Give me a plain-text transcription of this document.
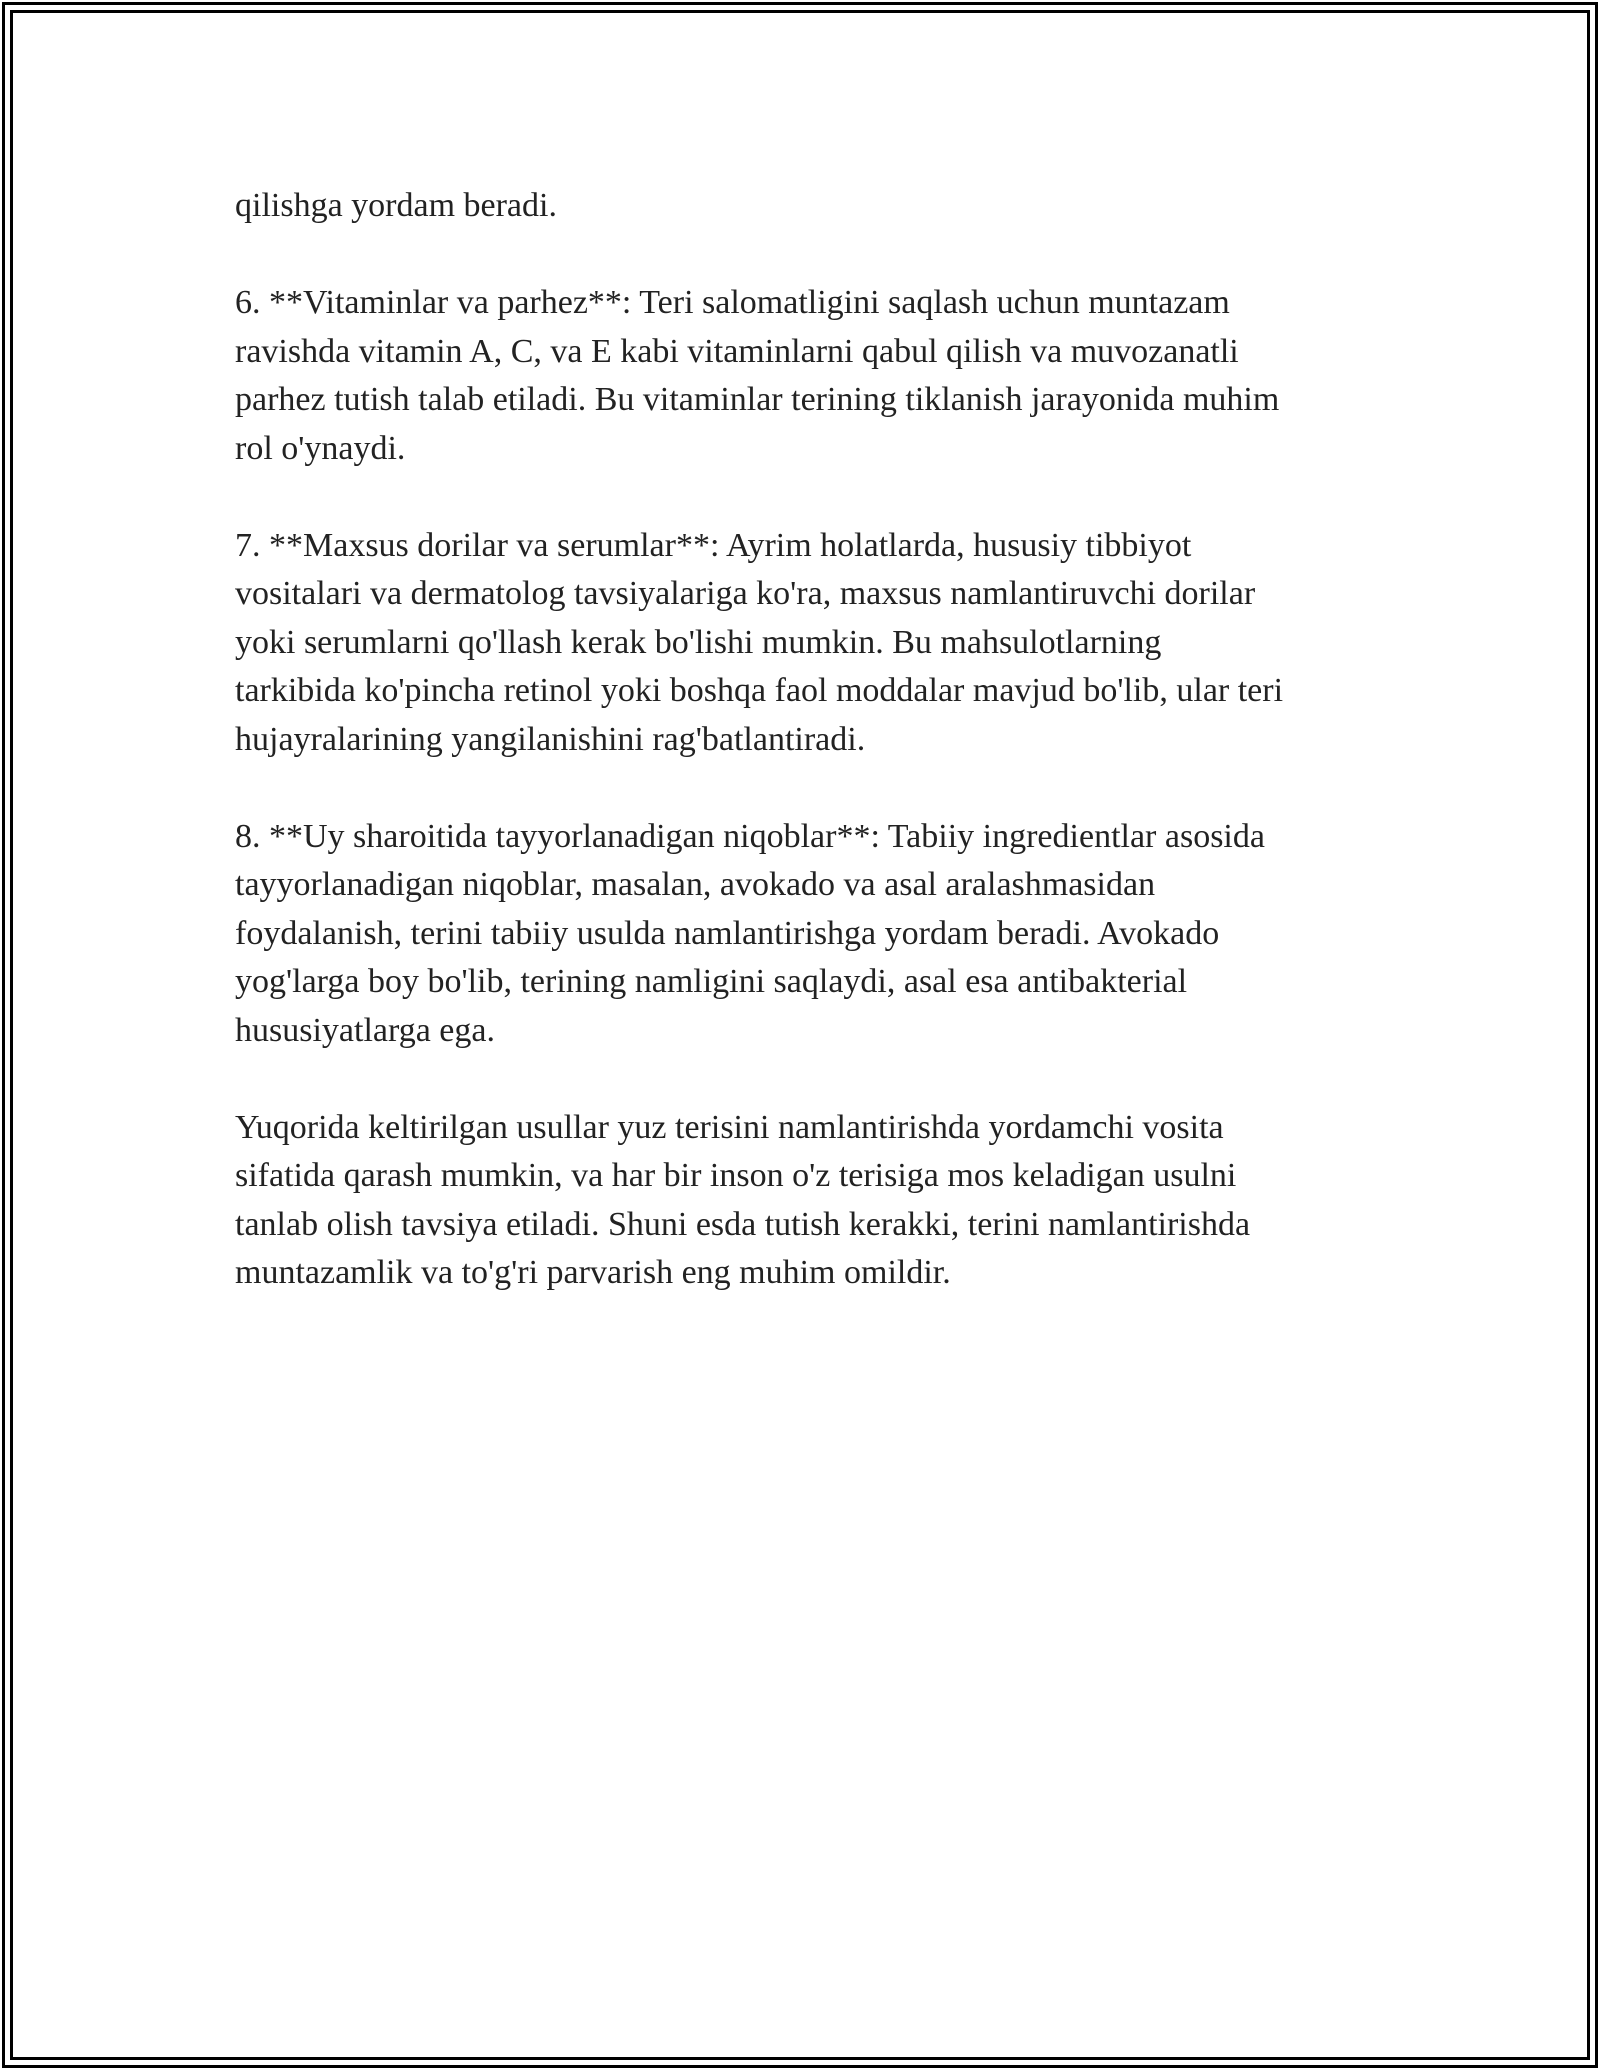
qilishga yordam beradi.

6. **Vitaminlar va parhez**: Teri salomatligini saqlash uchun muntazam
ravishda vitamin A, C, va E kabi vitaminlarni qabul qilish va muvozanatli
parhez tutish talab etiladi. Bu vitaminlar terining tiklanish jarayonida muhim
rol o'ynaydi.

7. **Maxsus dorilar va serumlar**: Ayrim holatlarda, hususiy tibbiyot
vositalari va dermatolog tavsiyalariga ko'ra, maxsus namlantiruvchi dorilar
yoki serumlarni qo'llash kerak bo'lishi mumkin. Bu mahsulotlarning
tarkibida ko'pincha retinol yoki boshqa faol moddalar mavjud bo'lib, ular teri
hujayralarining yangilanishini rag'batlantiradi.

8. **Uy sharoitida tayyorlanadigan niqoblar**: Tabiiy ingredientlar asosida
tayyorlanadigan niqoblar, masalan, avokado va asal aralashmasidan
foydalanish, terini tabiiy usulda namlantirishga yordam beradi. Avokado
yog'larga boy bo'lib, terining namligini saqlaydi, asal esa antibakterial
hususiyatlarga ega.

Yuqorida keltirilgan usullar yuz terisini namlantirishda yordamchi vosita
sifatida qarash mumkin, va har bir inson o'z terisiga mos keladigan usulni
tanlab olish tavsiya etiladi. Shuni esda tutish kerakki, terini namlantirishda
muntazamlik va to'g'ri parvarish eng muhim omildir.
